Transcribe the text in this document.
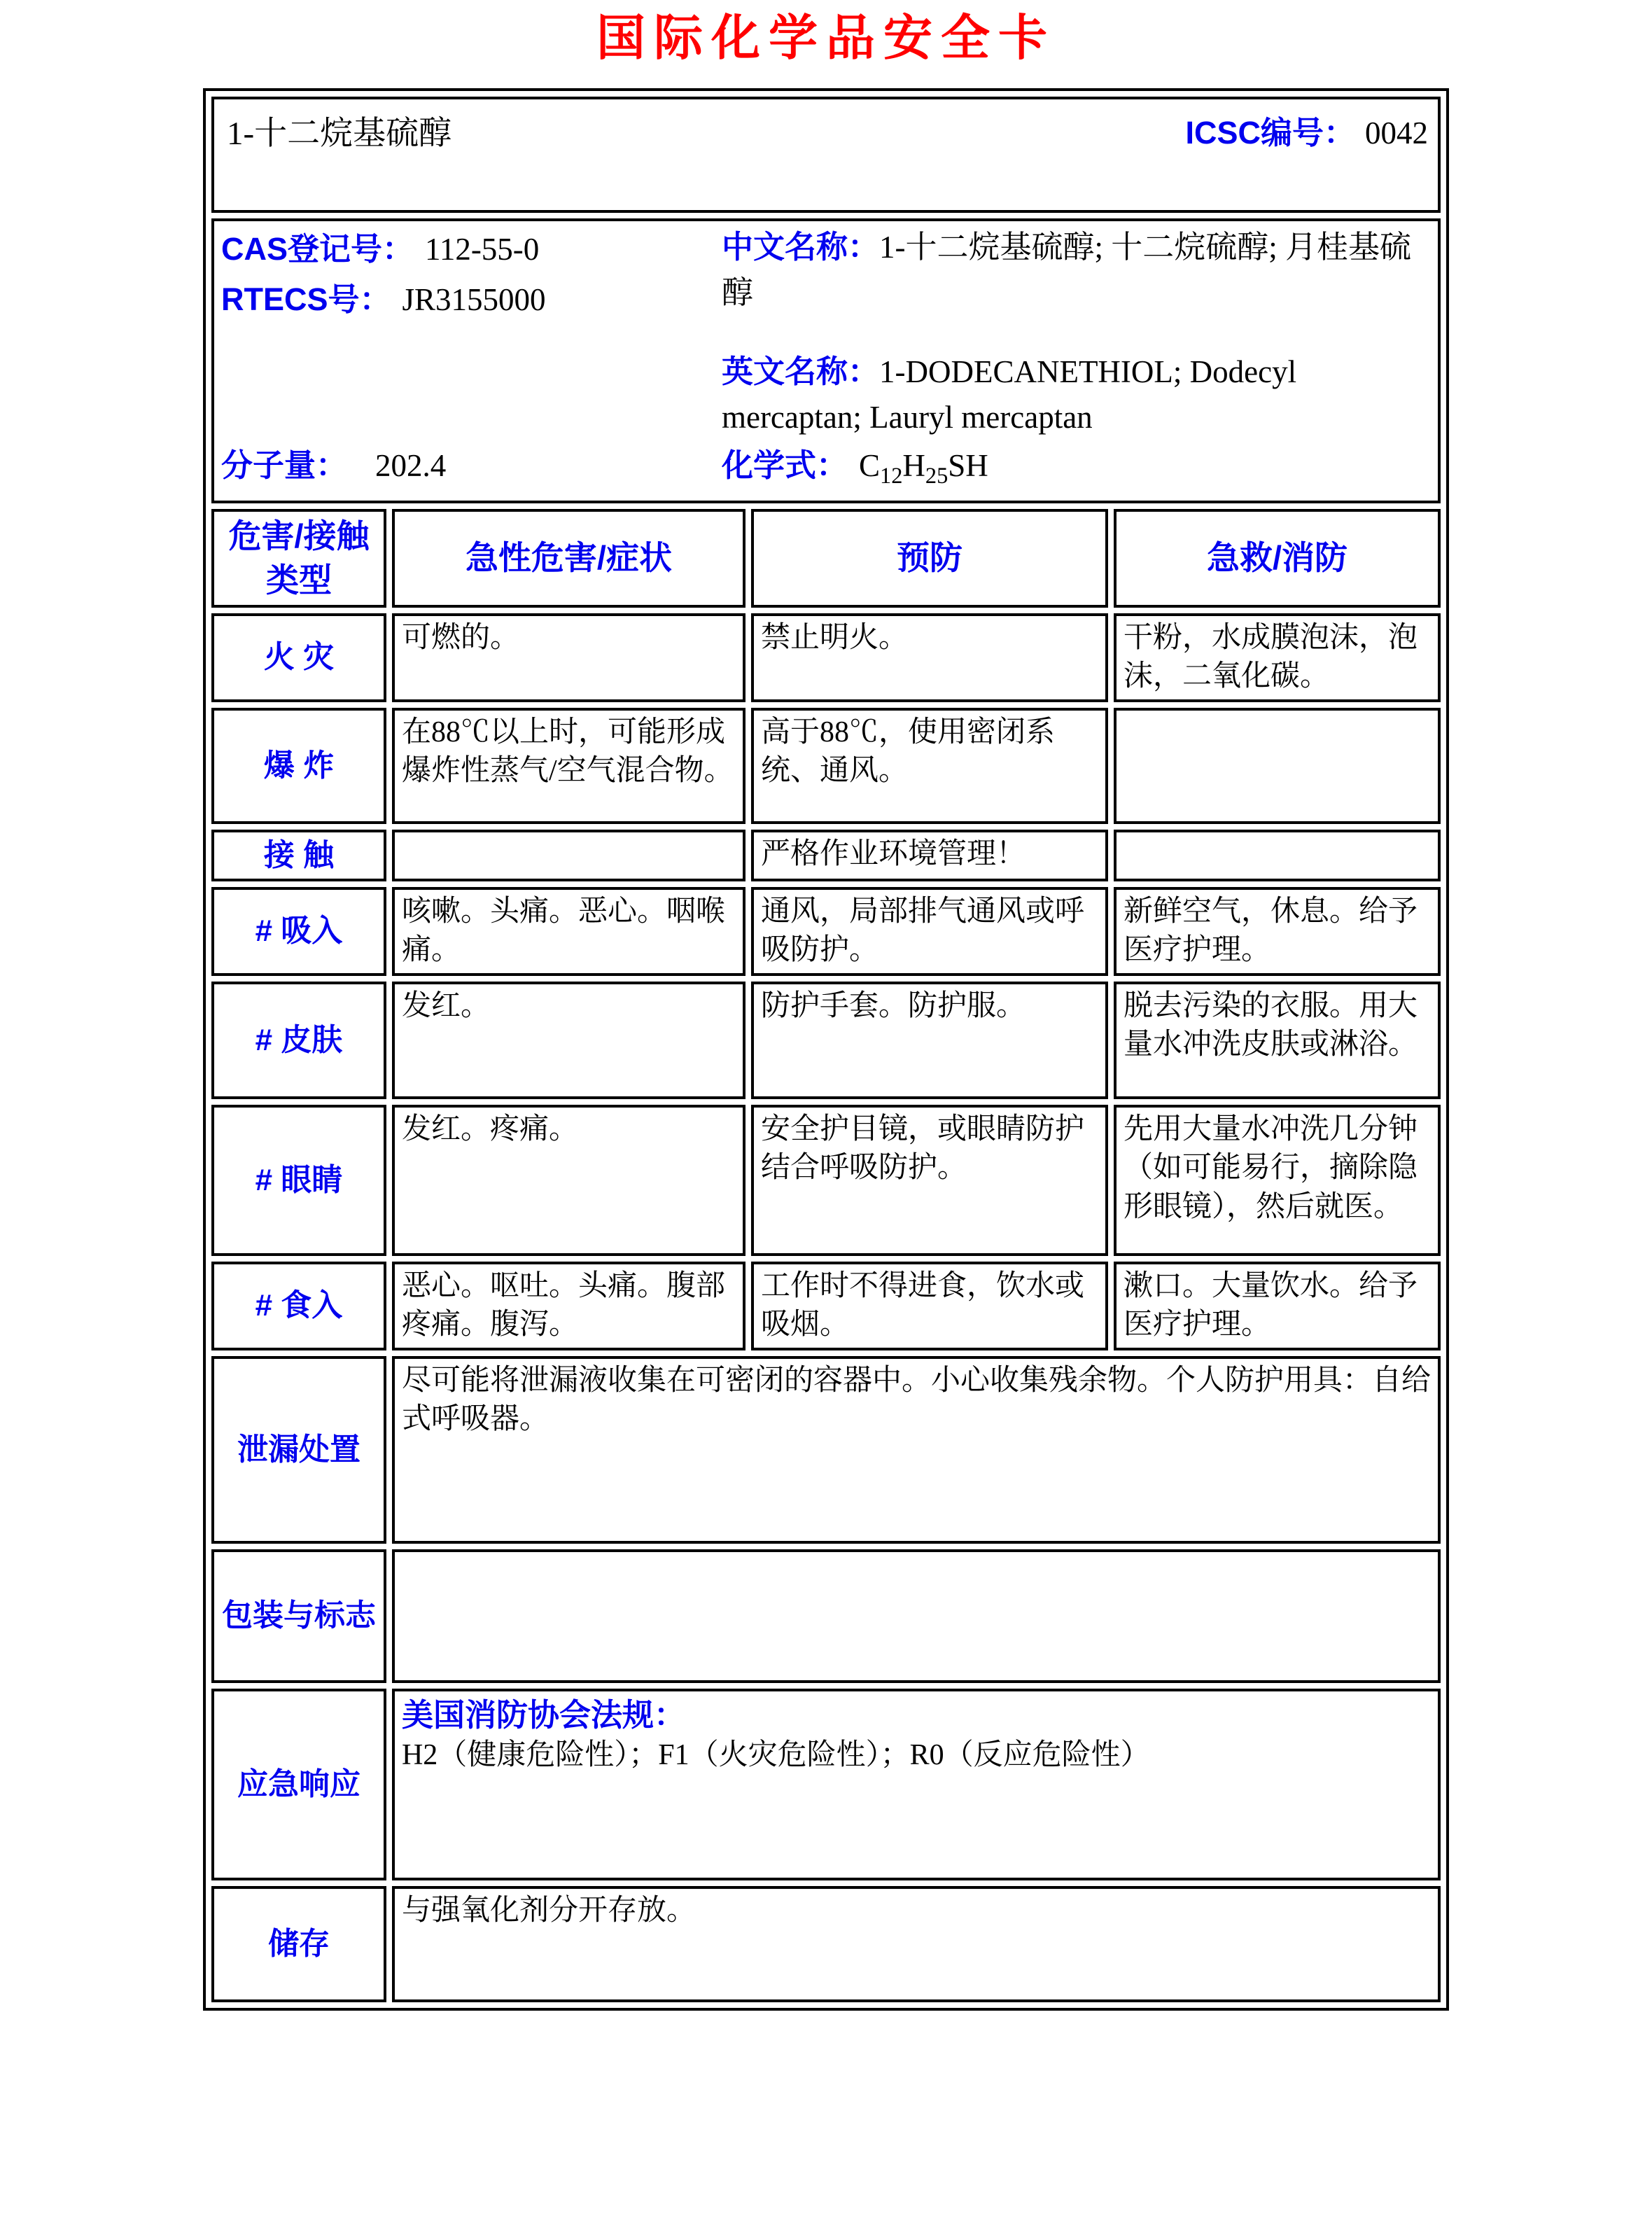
国际化学品安全卡
1-十二烷基硫醇 ICSC编号： 0042			

CAS登记号： 112-55-0
RTECS号： JR3155000
中文名称：1-十二烷基硫醇; 十二烷硫醇; 月桂基硫醇
英文名称：1-DODECANETHIOL; Dodecyl mercaptan; Lauryl mercaptan
分子量： 202.4	化学式： $C_{12}H_{25}SH$

危害/接触
类型	急性危害/症状	预防	急救/消防
火 灾	可燃的。	禁止明火。	干粉，水成膜泡沫，泡沫，二氧化碳。
爆 炸	在88℃以上时，可能形成爆炸性蒸气/空气混合物。	高于88℃，使用密闭系统、通风。	
接 触		严格作业环境管理！	
# 吸入	咳嗽。头痛。恶心。咽喉痛。	通风，局部排气通风或呼吸防护。	新鲜空气，休息。给予医疗护理。
# 皮肤	发红。	防护手套。防护服。	脱去污染的衣服。用大量水冲洗皮肤或淋浴。
# 眼睛	发红。疼痛。	安全护目镜，或眼睛防护结合呼吸防护。	先用大量水冲洗几分钟（如可能易行，摘除隐形眼镜），然后就医。
# 食入	恶心。呕吐。头痛。腹部疼痛。腹泻。	工作时不得进食，饮水或吸烟。	漱口。大量饮水。给予医疗护理。
泄漏处置	尽可能将泄漏液收集在可密闭的容器中。小心收集残余物。个人防护用具：自给式呼吸器。		
包装与标志			
应急响应	美国消防协会法规：H2（健康危险性）；F1（火灾危险性）；R0（反应危险性）		
储存	与强氧化剂分开存放。		
